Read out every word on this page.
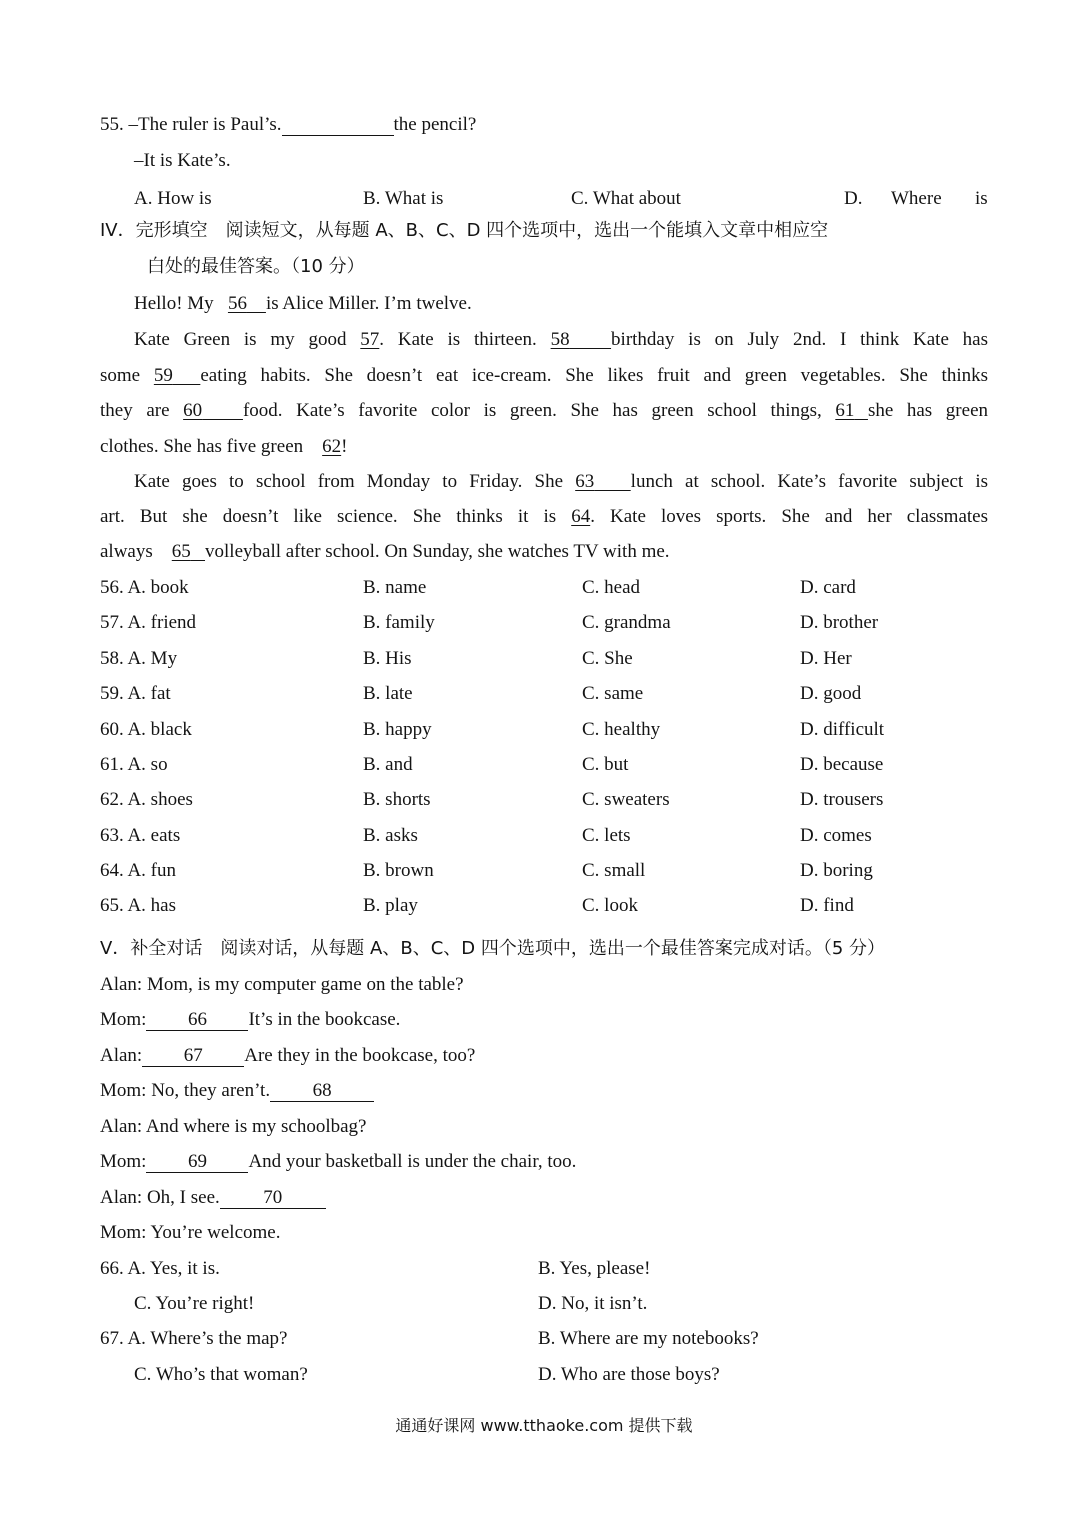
55. –The ruler is Paul’s.	the pencil?
–It is Kate’s.
A. How is	B. What is	C. What about	D. Where is
IV．完形填空　阅读短文，从每题 A、B、C、D 四个选项中，选出一个能填入文章中相应空
白处的最佳答案。（10 分）
Hello! My 56 is Alice Miller. I’m twelve.
Kate Green is my good 57. Kate is thirteen. 58 birthday is on July 2nd. I think Kate has
some 59 eating habits. She doesn’t eat ice-cream. She likes fruit and green vegetables. She thinks
they are 60 food. Kate’s favorite color is green. She has green school things, 61 she has green
clothes. She has five green 62!
Kate goes to school from Monday to Friday. She 63 lunch at school. Kate’s favorite subject is
art. But she doesn’t like science. She thinks it is 64. Kate loves sports. She and her classmates
always 65 volleyball after school. On Sunday, she watches TV with me.
56. A. book	B. name	C. head	D. card
57. A. friend	B. family	C. grandma	D. brother
58. A. My	B. His	C. She	D. Her
59. A. fat	B. late	C. same	D. good
60. A. black	B. happy	C. healthy	D. difficult
61. A. so	B. and	C. but	D. because
62. A. shoes	B. shorts	C. sweaters	D. trousers
63. A. eats	B. asks	C. lets	D. comes
64. A. fun	B. brown	C. small	D. boring
65. A. has	B. play	C. look	D. find
V．补全对话　阅读对话，从每题 A、B、C、D 四个选项中，选出一个最佳答案完成对话。（5 分）
Alan: Mom, is my computer game on the table?
Mom: 66 It’s in the bookcase.
Alan: 67 Are they in the bookcase, too?
Mom: No, they aren’t. 68
Alan: And where is my schoolbag?
Mom: 69 And your basketball is under the chair, too.
Alan: Oh, I see. 70
Mom: You’re welcome.
66. A. Yes, it is.	B. Yes, please!
C. You’re right!	D. No, it isn’t.
67. A. Where’s the map?	B. Where are my notebooks?
C. Who’s that woman?	D. Who are those boys?
通通好课网 www.tthaoke.com 提供下载
